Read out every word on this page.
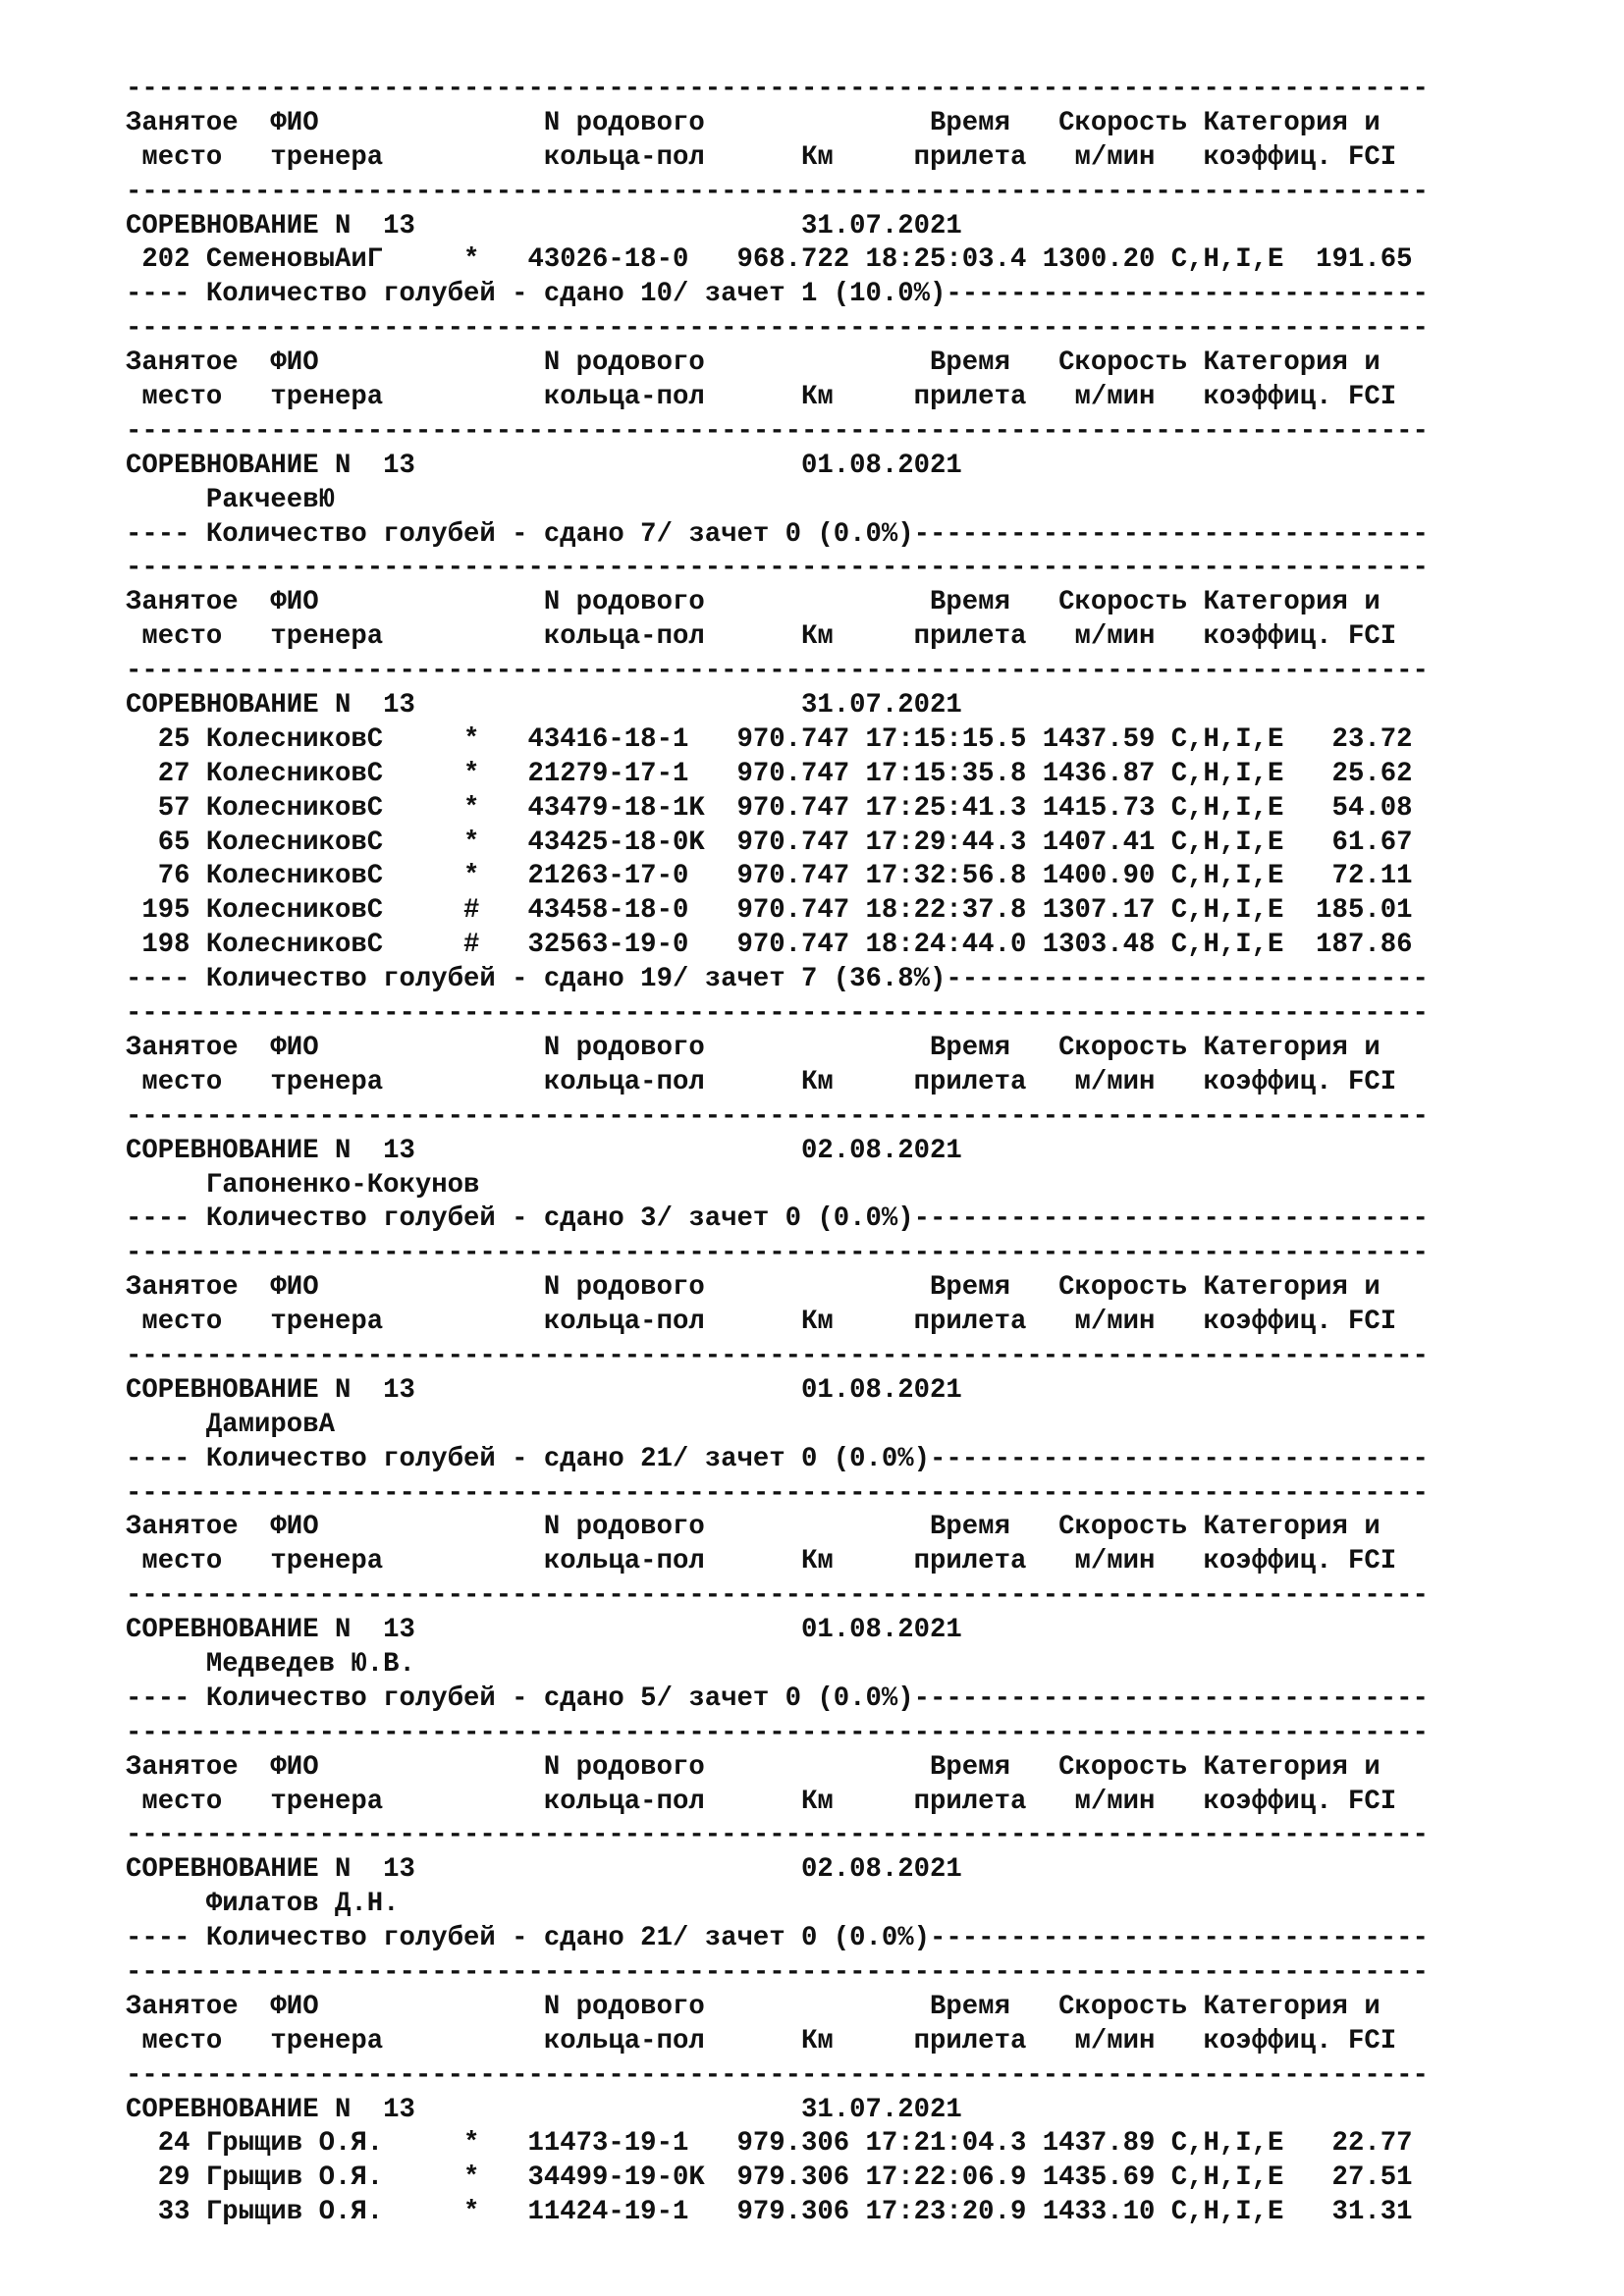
---------------------------------------------------------------------------------
Занятое  ФИО              N родового              Время   Скорость Категория и
место   тренера          кольца-пол      Км     прилета   м/мин   коэффиц. FCI
---------------------------------------------------------------------------------
СОРЕВНОВАНИЕ N  13                        31.07.2021
202 СеменовыАиГ     *   43026-18-0   968.722 18:25:03.4 1300.20 C,H,I,E  191.65
---- Количество голубей - сдано 10/ зачет 1 (10.0%)------------------------------
---------------------------------------------------------------------------------
Занятое  ФИО              N родового              Время   Скорость Категория и
место   тренера          кольца-пол      Км     прилета   м/мин   коэффиц. FCI
---------------------------------------------------------------------------------
СОРЕВНОВАНИЕ N  13                        01.08.2021
РакчеевЮ
---- Количество голубей - сдано 7/ зачет 0 (0.0%)--------------------------------
---------------------------------------------------------------------------------
Занятое  ФИО              N родового              Время   Скорость Категория и
место   тренера          кольца-пол      Км     прилета   м/мин   коэффиц. FCI
---------------------------------------------------------------------------------
СОРЕВНОВАНИЕ N  13                        31.07.2021
25 КолесниковС     *   43416-18-1   970.747 17:15:15.5 1437.59 C,H,I,E   23.72
27 КолесниковС     *   21279-17-1   970.747 17:15:35.8 1436.87 C,H,I,E   25.62
57 КолесниковС     *   43479-18-1K  970.747 17:25:41.3 1415.73 C,H,I,E   54.08
65 КолесниковС     *   43425-18-0K  970.747 17:29:44.3 1407.41 C,H,I,E   61.67
76 КолесниковС     *   21263-17-0   970.747 17:32:56.8 1400.90 C,H,I,E   72.11
195 КолесниковС     #   43458-18-0   970.747 18:22:37.8 1307.17 C,H,I,E  185.01
198 КолесниковС     #   32563-19-0   970.747 18:24:44.0 1303.48 C,H,I,E  187.86
---- Количество голубей - сдано 19/ зачет 7 (36.8%)------------------------------
---------------------------------------------------------------------------------
Занятое  ФИО              N родового              Время   Скорость Категория и
место   тренера          кольца-пол      Км     прилета   м/мин   коэффиц. FCI
---------------------------------------------------------------------------------
СОРЕВНОВАНИЕ N  13                        02.08.2021
Гапоненко-Кокунов
---- Количество голубей - сдано 3/ зачет 0 (0.0%)--------------------------------
---------------------------------------------------------------------------------
Занятое  ФИО              N родового              Время   Скорость Категория и
место   тренера          кольца-пол      Км     прилета   м/мин   коэффиц. FCI
---------------------------------------------------------------------------------
СОРЕВНОВАНИЕ N  13                        01.08.2021
ДамировА
---- Количество голубей - сдано 21/ зачет 0 (0.0%)-------------------------------
---------------------------------------------------------------------------------
Занятое  ФИО              N родового              Время   Скорость Категория и
место   тренера          кольца-пол      Км     прилета   м/мин   коэффиц. FCI
---------------------------------------------------------------------------------
СОРЕВНОВАНИЕ N  13                        01.08.2021
Медведев Ю.В.
---- Количество голубей - сдано 5/ зачет 0 (0.0%)--------------------------------
---------------------------------------------------------------------------------
Занятое  ФИО              N родового              Время   Скорость Категория и
место   тренера          кольца-пол      Км     прилета   м/мин   коэффиц. FCI
---------------------------------------------------------------------------------
СОРЕВНОВАНИЕ N  13                        02.08.2021
Филатов Д.Н.
---- Количество голубей - сдано 21/ зачет 0 (0.0%)-------------------------------
---------------------------------------------------------------------------------
Занятое  ФИО              N родового              Время   Скорость Категория и
место   тренера          кольца-пол      Км     прилета   м/мин   коэффиц. FCI
---------------------------------------------------------------------------------
СОРЕВНОВАНИЕ N  13                        31.07.2021
24 Грыщив О.Я.     *   11473-19-1   979.306 17:21:04.3 1437.89 C,H,I,E   22.77
29 Грыщив О.Я.     *   34499-19-0K  979.306 17:22:06.9 1435.69 C,H,I,E   27.51
33 Грыщив О.Я.     *   11424-19-1   979.306 17:23:20.9 1433.10 C,H,I,E   31.31
